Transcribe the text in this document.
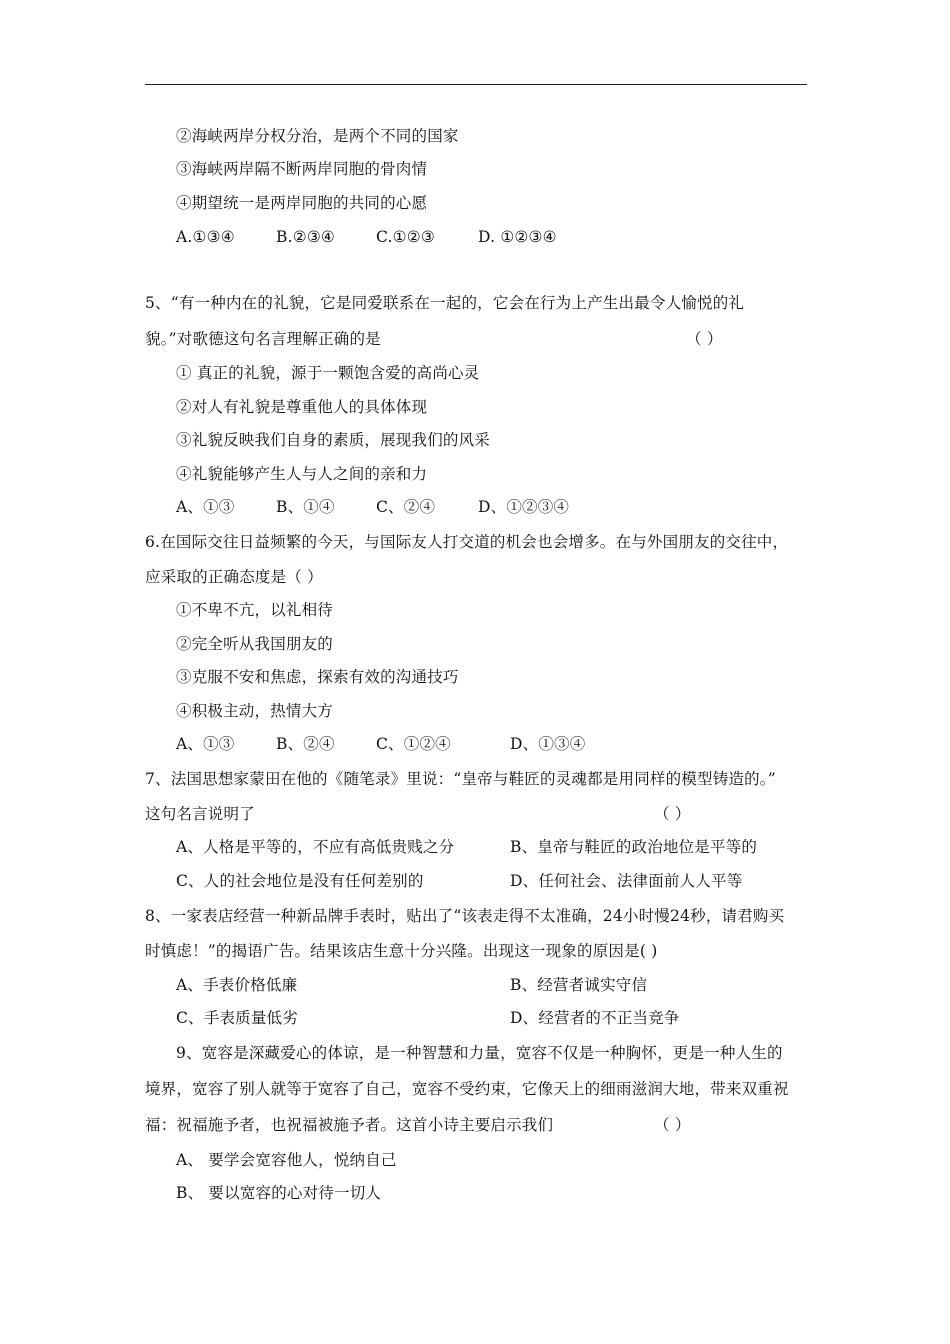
②海峡两岸分权分治，是两个不同的国家
③海峡两岸隔不断两岸同胞的骨肉情
④期望统一是两岸同胞的共同的心愿
A.①③④	B.②③④	C.①②③	D. ①②③④
5、“有一种内在的礼貌，它是同爱联系在一起的，它会在行为上产生出最令人愉悦的礼
貌。”对歌德这句名言理解正确的是	（ ）
① 真正的礼貌，源于一颗饱含爱的高尚心灵
②对人有礼貌是尊重他人的具体体现
③礼貌反映我们自身的素质，展现我们的风采
④礼貌能够产生人与人之间的亲和力
A、①③	B、①④	C、②④	D、①②③④
6.在国际交往日益频繁的今天，与国际友人打交道的机会也会增多。在与外国朋友的交往中，
应采取的正确态度是（ ）
①不卑不亢，以礼相待
②完全听从我国朋友的
③克服不安和焦虑，探索有效的沟通技巧
④积极主动，热情大方
A、①③	B、②④	C、①②④	D、①③④
7、法国思想家蒙田在他的《随笔录》里说：“皇帝与鞋匠的灵魂都是用同样的模型铸造的。”
这句名言说明了	（ ）
A、人格是平等的，不应有高低贵贱之分	B、皇帝与鞋匠的政治地位是平等的
C、人的社会地位是没有任何差别的	D、任何社会、法律面前人人平等
8、一家表店经营一种新品牌手表时，贴出了“该表走得不太准确，24小时慢24秒，请君购买
时慎虑！”的揭语广告。结果该店生意十分兴隆。出现这一现象的原因是( )
A、手表价格低廉	B、经营者诚实守信
C、手表质量低劣	D、经营者的不正当竞争
9、宽容是深藏爱心的体谅，是一种智慧和力量，宽容不仅是一种胸怀，更是一种人生的
境界，宽容了别人就等于宽容了自己，宽容不受约束，它像天上的细雨滋润大地，带来双重祝
福：祝福施予者，也祝福被施予者。这首小诗主要启示我们	（ ）
A、 要学会宽容他人，悦纳自己
B、 要以宽容的心对待一切人
